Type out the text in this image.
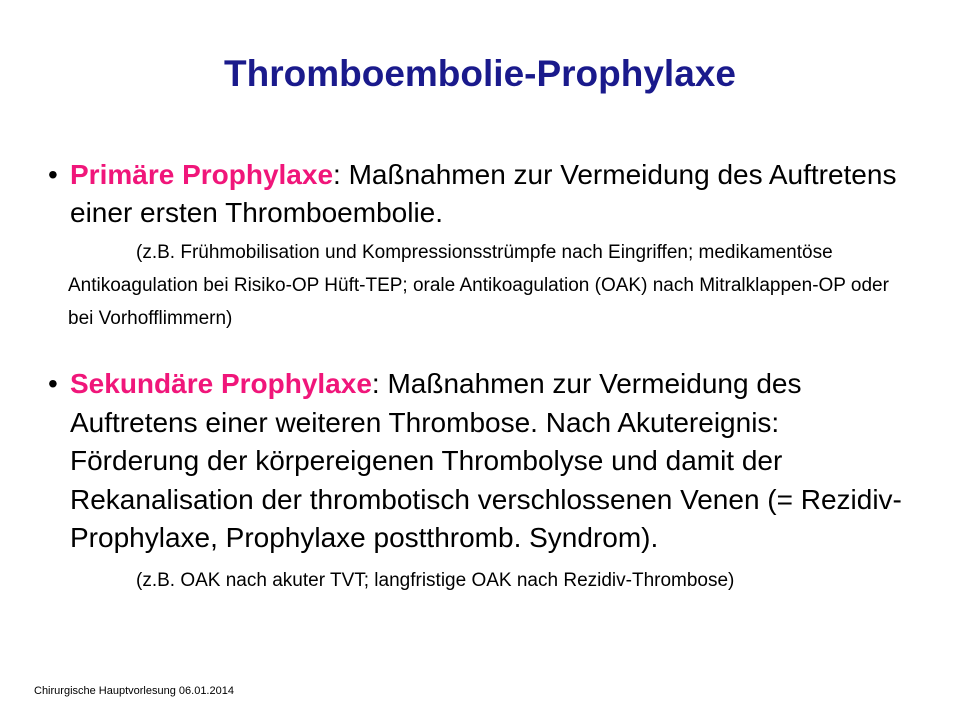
Thromboembolie-Prophylaxe
• Primäre Prophylaxe: Maßnahmen zur Vermeidung des Auftretens einer ersten Thromboembolie.
(z.B. Frühmobilisation und Kompressionsstrümpfe nach Eingriffen; medikamentöse Antikoagulation bei Risiko-OP Hüft-TEP; orale Antikoagulation (OAK) nach Mitralklappen-OP oder bei Vorhofflimmern)
• Sekundäre Prophylaxe: Maßnahmen zur Vermeidung des Auftretens einer weiteren Thrombose. Nach Akutereignis: Förderung der körpereigenen Thrombolyse und damit der Rekanalisation der thrombotisch verschlossenen Venen (= Rezidiv-Prophylaxe, Prophylaxe postthromb. Syndrom).
(z.B. OAK nach akuter TVT; langfristige OAK nach Rezidiv-Thrombose)
Chirurgische Hauptvorlesung 06.01.2014
